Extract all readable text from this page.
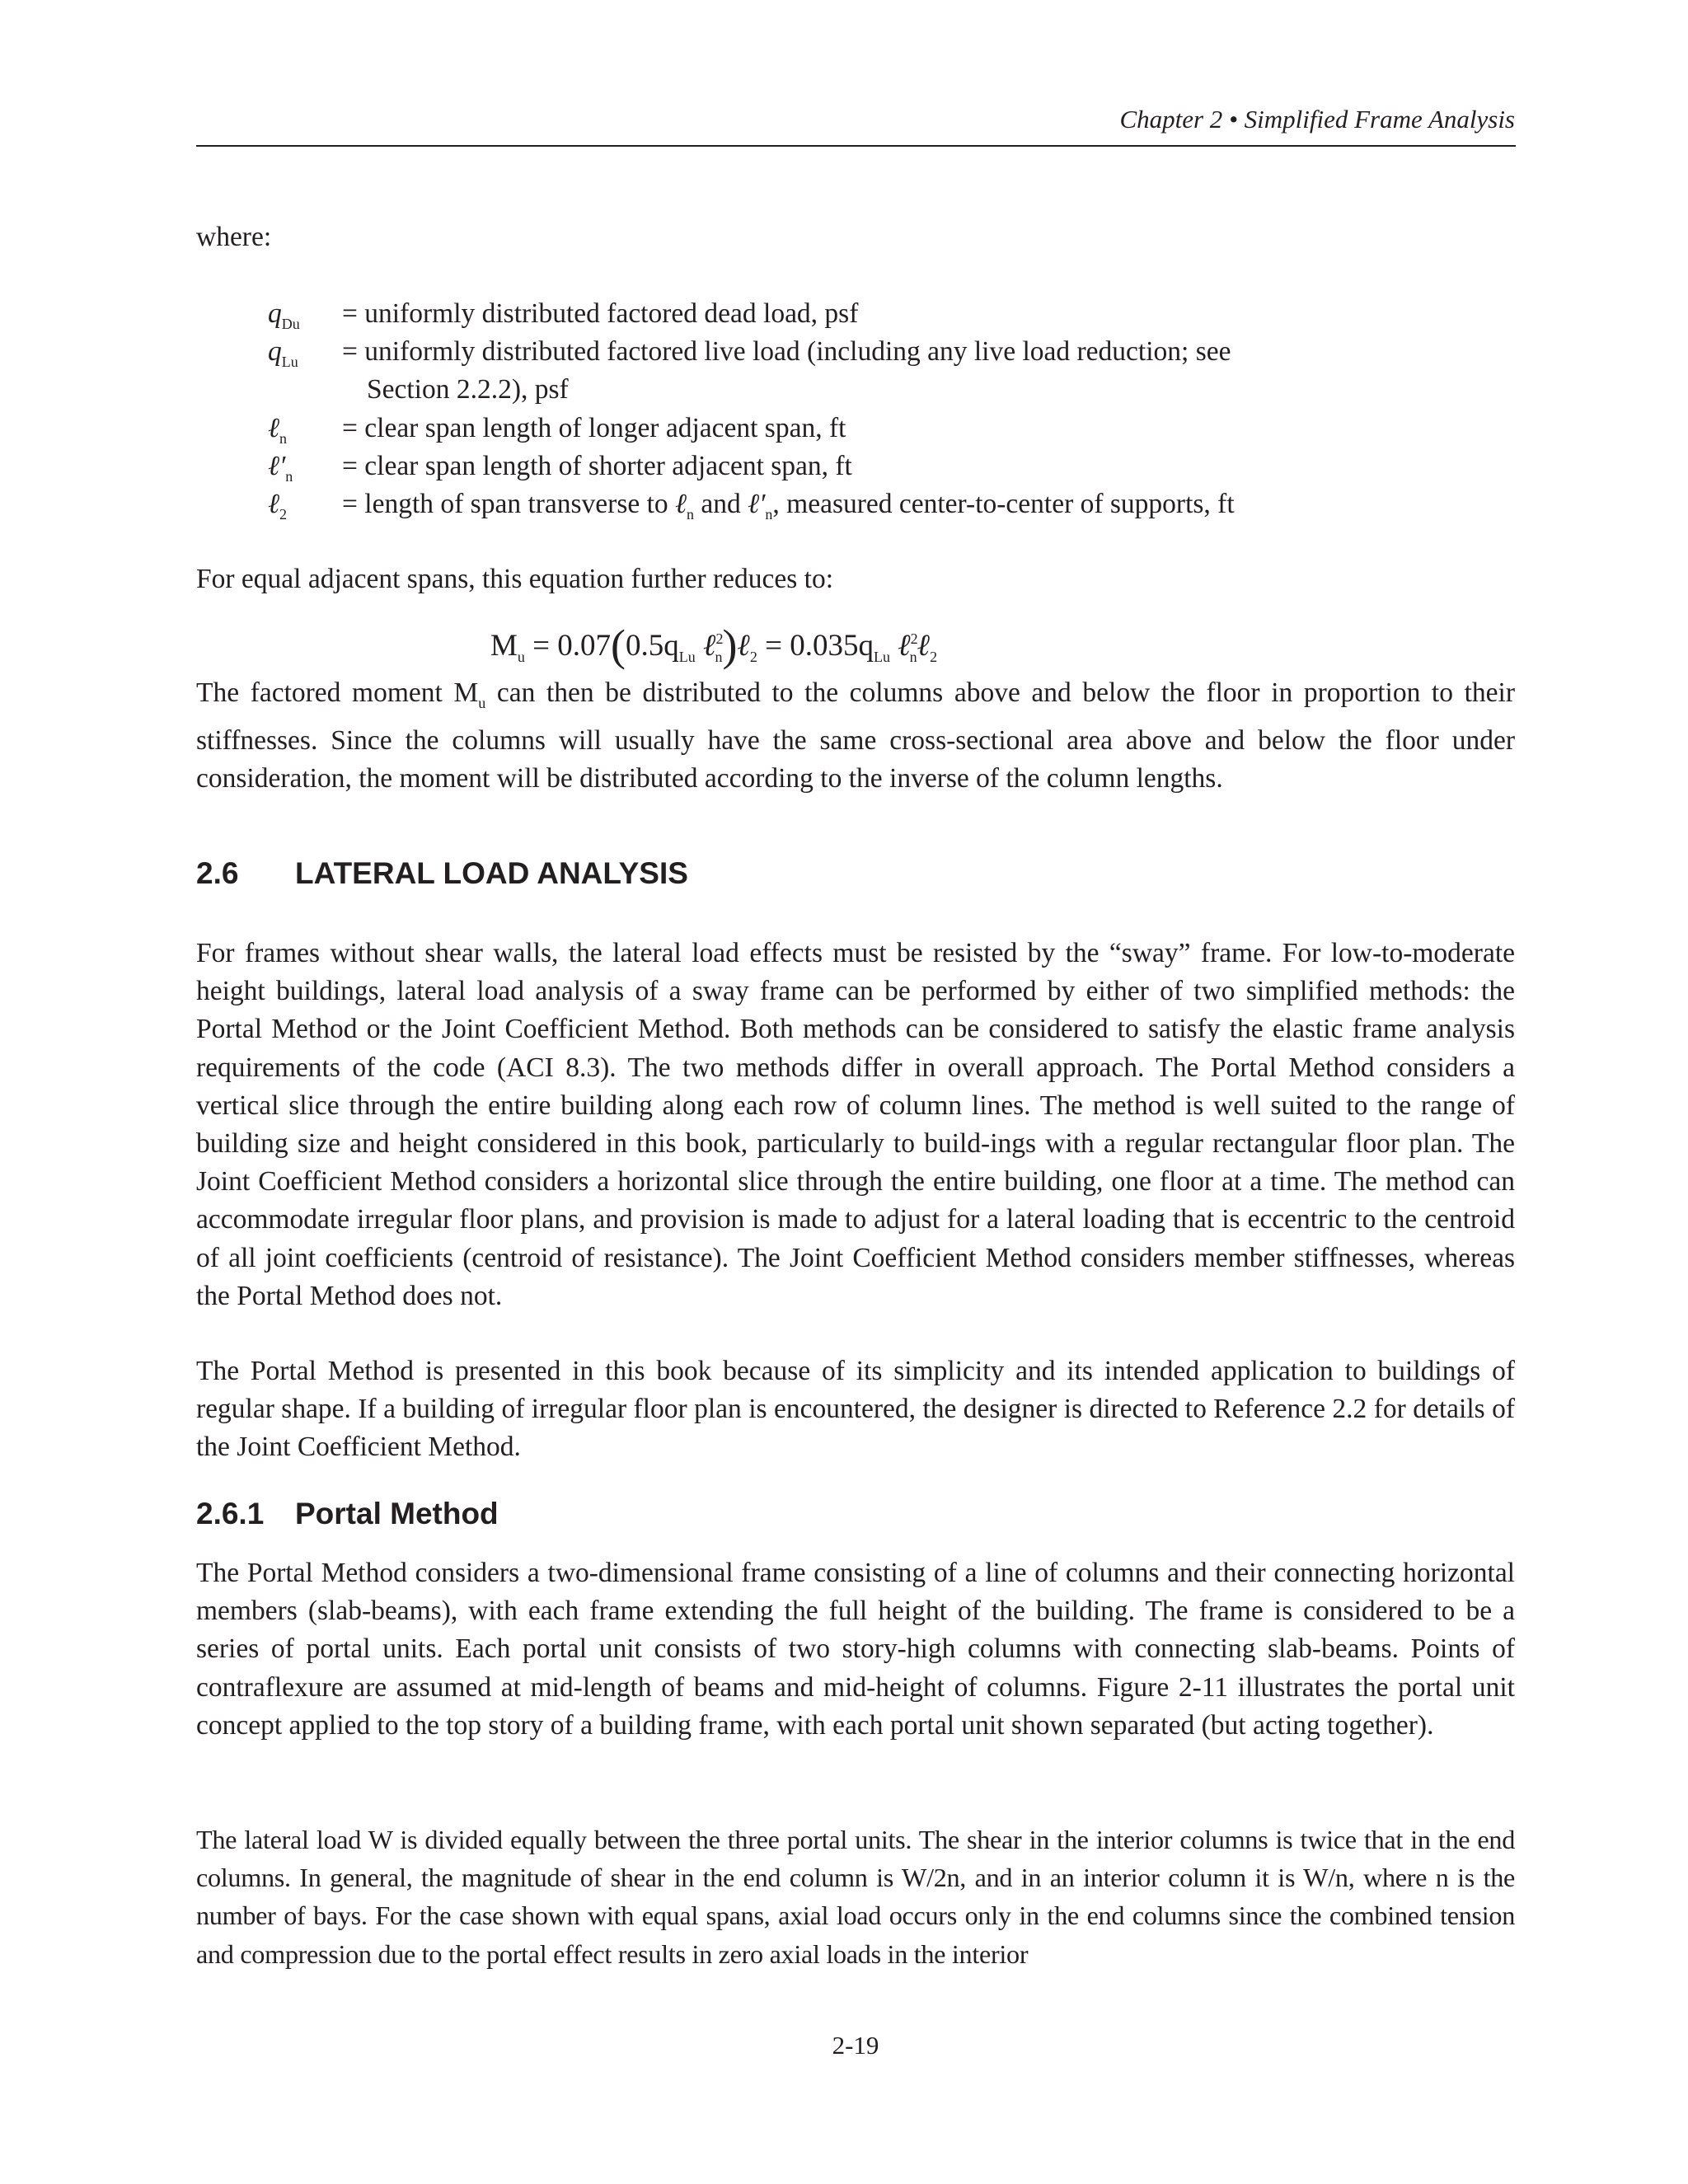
Chapter 2 • Simplified Frame Analysis

where:

$q_{Du}$	= uniformly distributed factored dead load, psf
$q_{Lu}$	= uniformly distributed factored live load (including any live load reduction; see
Section 2.2.2), psf
ℓ$_n$	= clear span length of longer adjacent span, ft
$\ell'_n$	= clear span length of shorter adjacent span, ft
ℓ$_2$	= length of span transverse to ℓ$_n$ and $\ell'_n$, measured center-to-center of supports, ft

For equal adjacent spans, this equation further reduces to:

$M_u = 0.07(0.5q_{Lu}$ ℓ$^2_n$)ℓ$_2$ = $0.035q_{Lu}$ ℓ$^2_n$ℓ$_2$

The factored moment $M_u$ can then be distributed to the columns above and below the floor in proportion to their stiffnesses. Since the columns will usually have the same cross-sectional area above and below the floor under consideration, the moment will be distributed according to the inverse of the column lengths.

2.6 LATERAL LOAD ANALYSIS

For frames without shear walls, the lateral load effects must be resisted by the “sway” frame. For low-to-moderate height buildings, lateral load analysis of a sway frame can be performed by either of two simplified methods: the Portal Method or the Joint Coefficient Method. Both methods can be considered to satisfy the elastic frame analysis requirements of the code (ACI 8.3). The two methods differ in overall approach. The Portal Method considers a vertical slice through the entire building along each row of column lines. The method is well suited to the range of building size and height considered in this book, particularly to build-ings with a regular rectangular floor plan. The Joint Coefficient Method considers a horizontal slice through the entire building, one floor at a time. The method can accommodate irregular floor plans, and provision is made to adjust for a lateral loading that is eccentric to the centroid of all joint coefficients (centroid of resistance). The Joint Coefficient Method considers member stiffnesses, whereas the Portal Method does not.

The Portal Method is presented in this book because of its simplicity and its intended application to buildings of regular shape. If a building of irregular floor plan is encountered, the designer is directed to Reference 2.2 for details of the Joint Coefficient Method.

2.6.1 Portal Method

The Portal Method considers a two-dimensional frame consisting of a line of columns and their connecting horizontal members (slab-beams), with each frame extending the full height of the building. The frame is considered to be a series of portal units. Each portal unit consists of two story-high columns with connecting slab-beams. Points of contraflexure are assumed at mid-length of beams and mid-height of columns. Figure 2-11 illustrates the portal unit concept applied to the top story of a building frame, with each portal unit shown separated (but acting together).

The lateral load W is divided equally between the three portal units. The shear in the interior columns is twice that in the end columns. In general, the magnitude of shear in the end column is W/2n, and in an interior column it is W/n, where n is the number of bays. For the case shown with equal spans, axial load occurs only in the end columns since the combined tension and compression due to the portal effect results in zero axial loads in the interior

2-19
